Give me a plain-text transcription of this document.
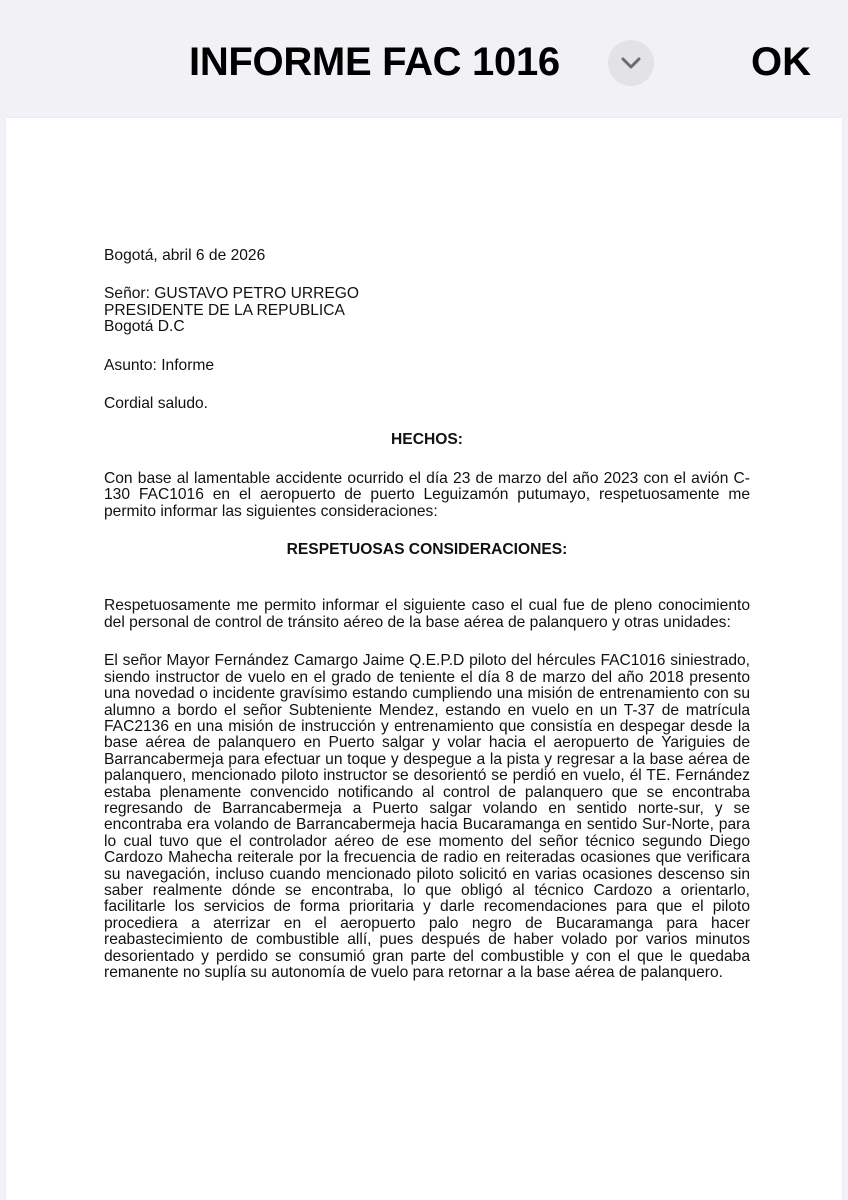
INFORME FAC 1016	OK

Bogotá, abril 6 de 2026

Señor: GUSTAVO PETRO URREGO

PRESIDENTE DE LA REPUBLICA

Bogotá D.C

Asunto: Informe

Cordial saludo.

HECHOS:

Con base al lamentable accidente ocurrido el día 23 de marzo del año 2023 con el avión C-130 FAC1016 en el aeropuerto de puerto Leguizamón putumayo, respetuosamente me permito informar las siguientes consideraciones:

RESPETUOSAS CONSIDERACIONES:

Respetuosamente me permito informar el siguiente caso el cual fue de pleno conocimiento del personal de control de tránsito aéreo de la base aérea de palanquero y otras unidades:

El señor Mayor Fernández Camargo Jaime Q.E.P.D piloto del hércules FAC1016 siniestrado, siendo instructor de vuelo en el grado de teniente el día 8 de marzo del año 2018 presento una novedad o incidente gravísimo estando cumpliendo una misión de entrenamiento con su alumno a bordo el señor Subteniente Mendez, estando en vuelo en un T-37 de matrícula FAC2136 en una misión de instrucción y entrenamiento que consistía en despegar desde la base aérea de palanquero en Puerto salgar y volar hacia el aeropuerto de Yariguies de Barrancabermeja para efectuar un toque y despegue a la pista y regresar a la base aérea de palanquero, mencionado piloto instructor se desorientó se perdió en vuelo, él TE. Fernández estaba plenamente convencido notificando al control de palanquero que se encontraba regresando de Barrancabermeja a Puerto salgar volando en sentido norte-sur, y se encontraba era volando de Barrancabermeja hacia Bucaramanga en sentido Sur-Norte, para lo cual tuvo que el controlador aéreo de ese momento del señor técnico segundo Diego Cardozo Mahecha reiterale por la frecuencia de radio en reiteradas ocasiones que verificara su navegación, incluso cuando mencionado piloto solicitó en varias ocasiones descenso sin saber realmente dónde se encontraba, lo que obligó al técnico Cardozo a orientarlo, facilitarle los servicios de forma prioritaria y darle recomendaciones para que el piloto procediera a aterrizar en el aeropuerto palo negro de Bucaramanga para hacer reabastecimiento de combustible allí, pues después de haber volado por varios minutos desorientado y perdido se consumió gran parte del combustible y con el que le quedaba remanente no suplía su autonomía de vuelo para retornar a la base aérea de palanquero.
